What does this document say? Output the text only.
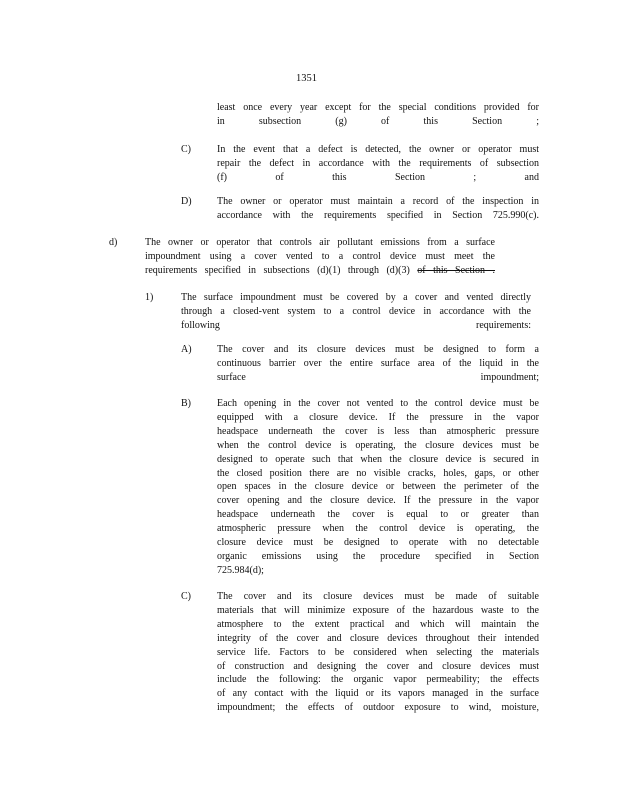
1351
least once every year except for the special conditions provided for
in subsection (g) of this Section ;
C)	In the event that a defect is detected, the owner or operator must
repair the defect in accordance with the requirements of subsection
(f) of this Section ; and
D)	The owner or operator must maintain a record of the inspection in
accordance with the requirements specified in Section 725.990(c).
d)	The owner or operator that controls air pollutant emissions from a surface
impoundment using a cover vented to a control device must meet the
requirements specified in subsections (d)(1) through (d)(3) of this Section .
1)	The surface impoundment must be covered by a cover and vented directly
through a closed-vent system to a control device in accordance with the
following requirements:
A)	The cover and its closure devices must be designed to form a
continuous barrier over the entire surface area of the liquid in the
surface impoundment;
B)	Each opening in the cover not vented to the control device must be
equipped with a closure device. If the pressure in the vapor
headspace underneath the cover is less than atmospheric pressure
when the control device is operating, the closure devices must be
designed to operate such that when the closure device is secured in
the closed position there are no visible cracks, holes, gaps, or other
open spaces in the closure device or between the perimeter of the
cover opening and the closure device. If the pressure in the vapor
headspace underneath the cover is equal to or greater than
atmospheric pressure when the control device is operating, the
closure device must be designed to operate with no detectable
organic emissions using the procedure specified in Section
725.984(d);
C)	The cover and its closure devices must be made of suitable
materials that will minimize exposure of the hazardous waste to the
atmosphere to the extent practical and which will maintain the
integrity of the cover and closure devices throughout their intended
service life. Factors to be considered when selecting the materials
of construction and designing the cover and closure devices must
include the following: the organic vapor permeability; the effects
of any contact with the liquid or its vapors managed in the surface
impoundment; the effects of outdoor exposure to wind, moisture,
